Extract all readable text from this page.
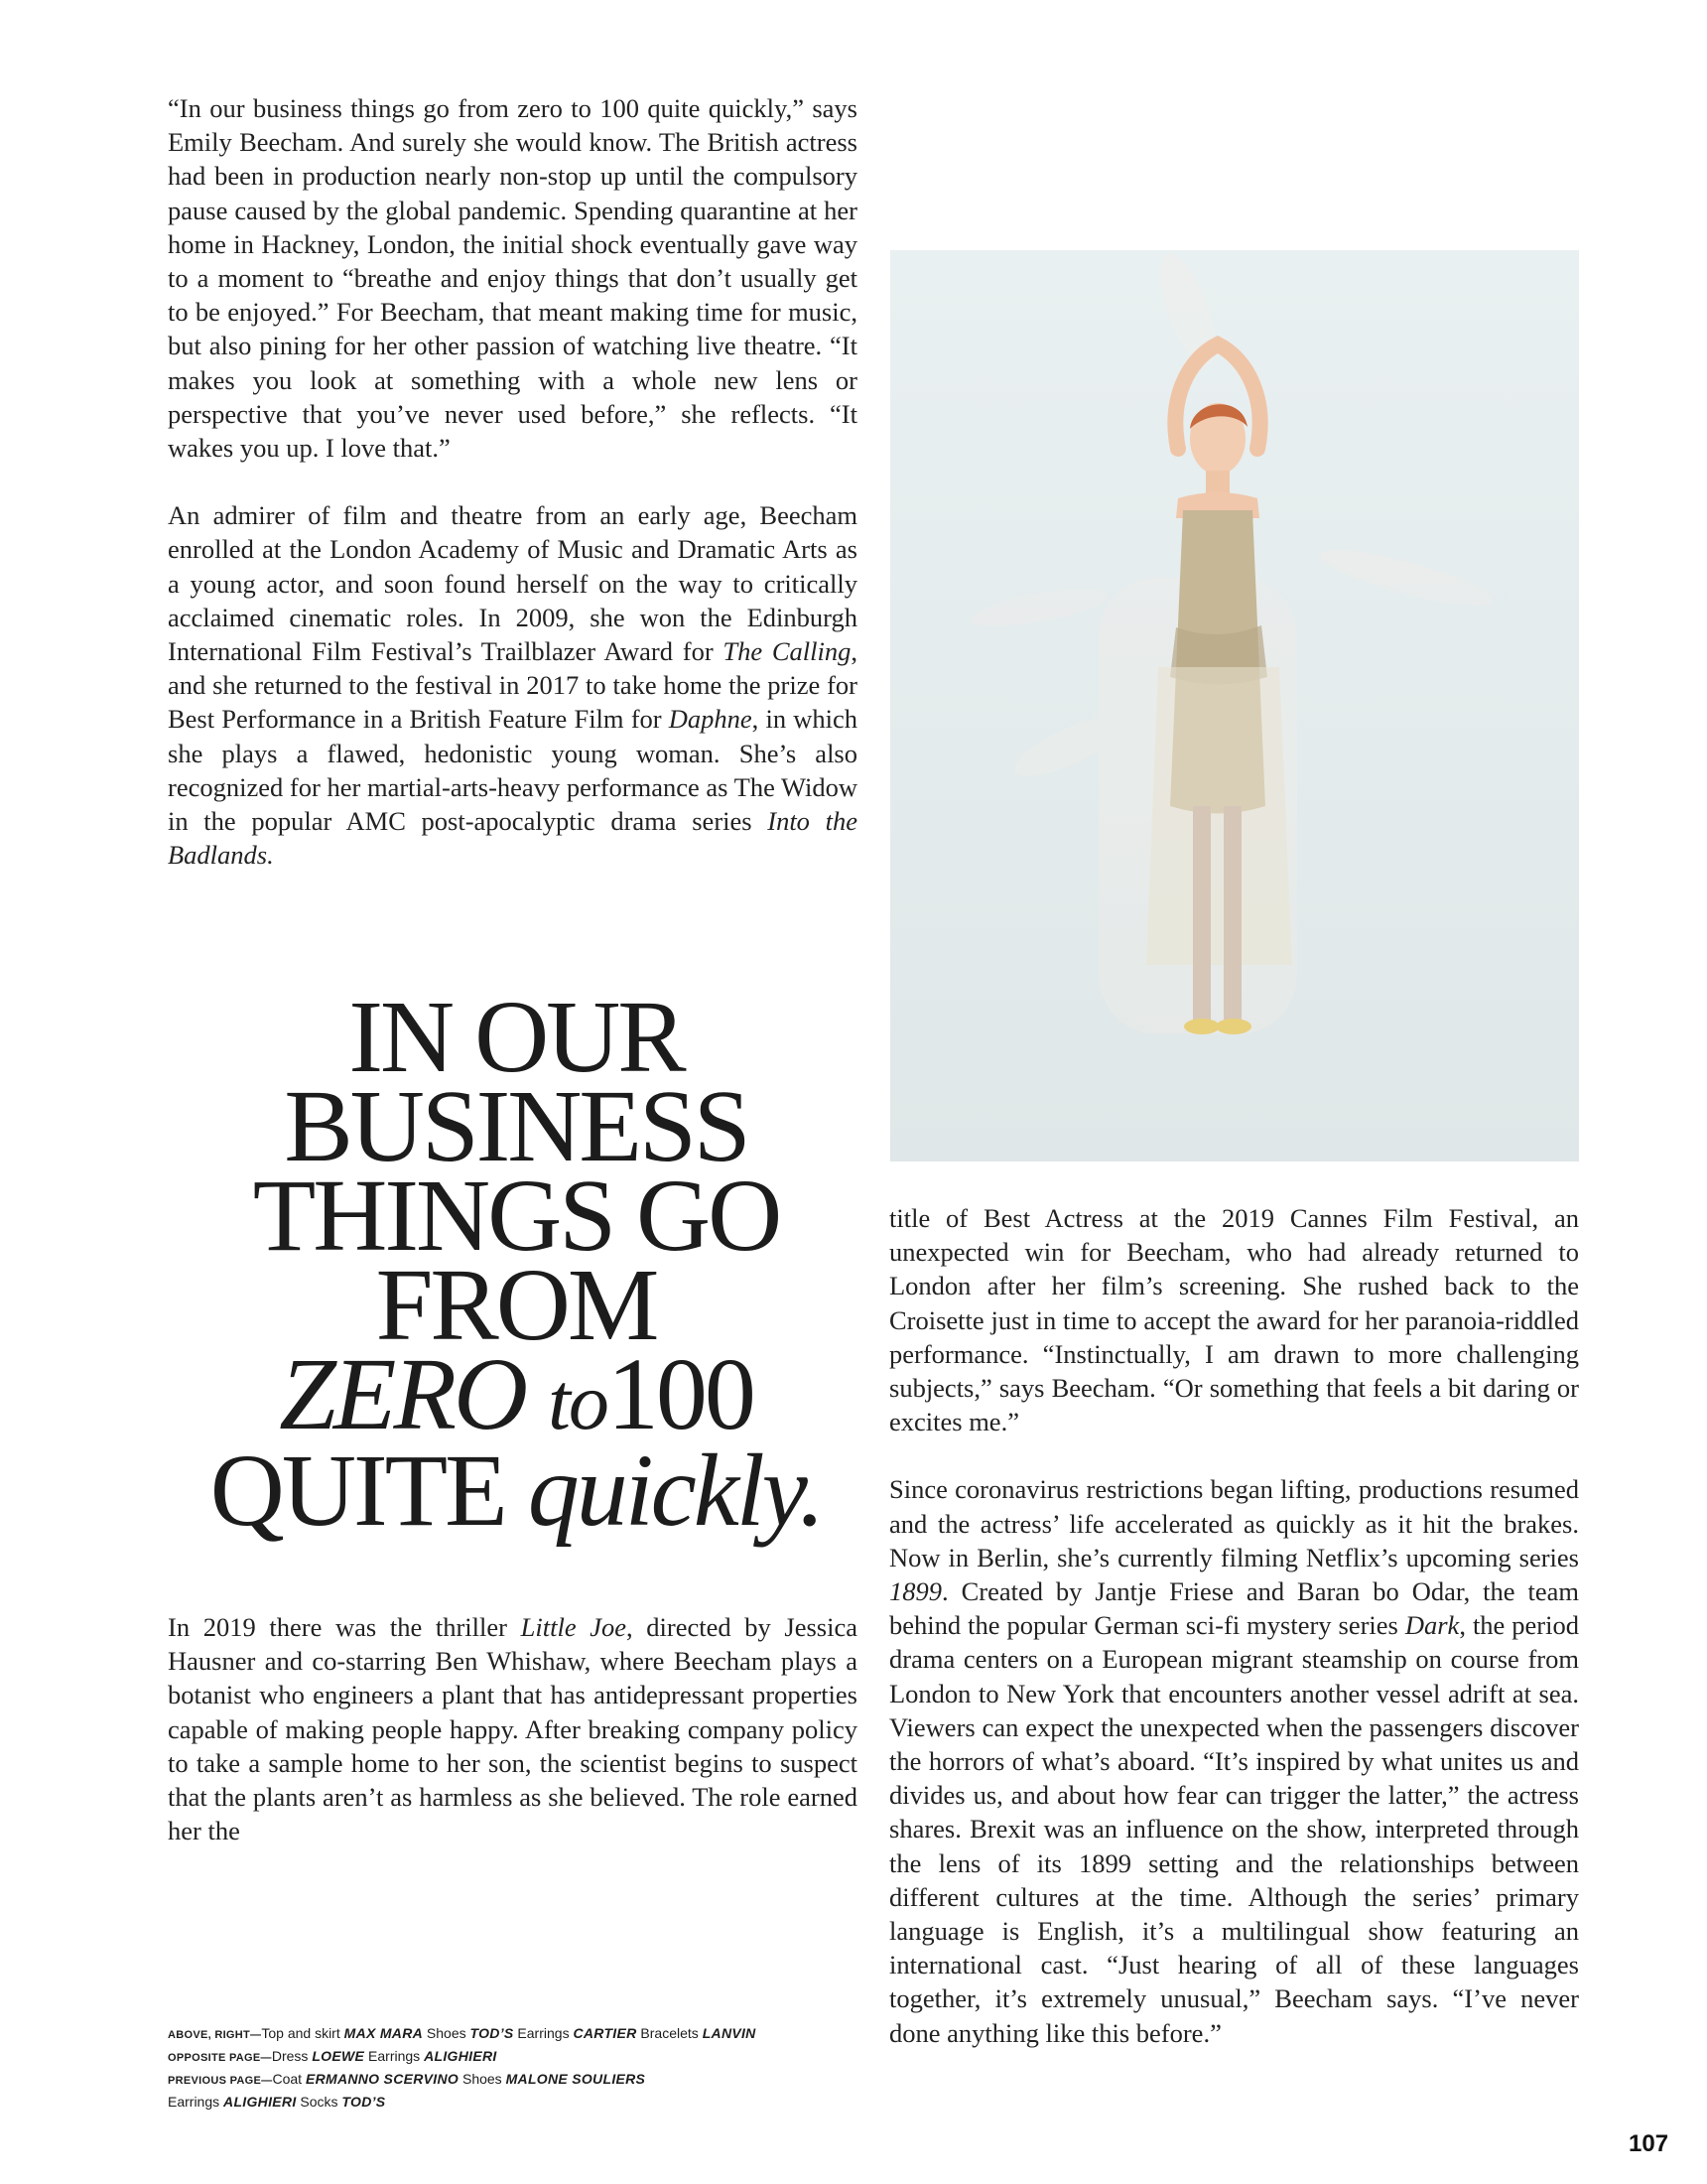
“In our business things go from zero to 100 quite quickly,” says Emily Beecham. And surely she would know. The British actress had been in production nearly non-stop up until the compulsory pause caused by the global pandemic. Spending quarantine at her home in Hackney, London, the initial shock eventually gave way to a moment to “breathe and enjoy things that don’t usually get to be enjoyed.” For Beecham, that meant making time for music, but also pining for her other passion of watching live theatre. “It makes you look at something with a whole new lens or perspective that you’ve never used before,” she reflects. “It wakes you up. I love that.”

An admirer of film and theatre from an early age, Beecham enrolled at the London Academy of Music and Dramatic Arts as a young actor, and soon found herself on the way to critically acclaimed cinematic roles. In 2009, she won the Edinburgh International Film Festival’s Trailblazer Award for The Calling, and she returned to the festival in 2017 to take home the prize for Best Performance in a British Feature Film for Daphne, in which she plays a flawed, hedonistic young woman. She’s also recognized for her martial-arts-heavy performance as The Widow in the popular AMC post-apocalyptic drama series Into the Badlands.

IN OUR
BUSINESS
THINGS GO
FROM
ZERO to100
QUITE quickly.

In 2019 there was the thriller Little Joe, directed by Jessica Hausner and co-starring Ben Whishaw, where Beecham plays a botanist who engineers a plant that has antidepressant properties capable of making people happy. After breaking company policy to take a sample home to her son, the scientist begins to suspect that the plants aren’t as harmless as she believed. The role earned her the

title of Best Actress at the 2019 Cannes Film Festival, an unexpected win for Beecham, who had already returned to London after her film’s screening. She rushed back to the Croisette just in time to accept the award for her paranoia-riddled performance. “Instinctually, I am drawn to more challenging subjects,” says Beecham. “Or something that feels a bit daring or excites me.”

Since coronavirus restrictions began lifting, productions resumed and the actress’ life accelerated as quickly as it hit the brakes. Now in Berlin, she’s currently filming Netflix’s upcoming series 1899. Created by Jantje Friese and Baran bo Odar, the team behind the popular German sci-fi mystery series Dark, the period drama centers on a European migrant steamship on course from London to New York that encounters another vessel adrift at sea. Viewers can expect the unexpected when the passengers discover the horrors of what’s aboard. “It’s inspired by what unites us and divides us, and about how fear can trigger the latter,” the actress shares. Brexit was an influence on the show, interpreted through the lens of its 1899 setting and the relationships between different cultures at the time. Although the series’ primary language is English, it’s a multilingual show featuring an international cast. “Just hearing of all of these languages together, it’s extremely unusual,” Beecham says. “I’ve never done anything like this before.”

ABOVE, RIGHT—Top and skirt MAX MARA Shoes TOD’S Earrings CARTIER Bracelets LANVIN
OPPOSITE PAGE—Dress LOEWE Earrings ALIGHIERI
PREVIOUS PAGE—Coat ERMANNO SCERVINO Shoes MALONE SOULIERS
Earrings ALIGHIERI Socks TOD’S
107
